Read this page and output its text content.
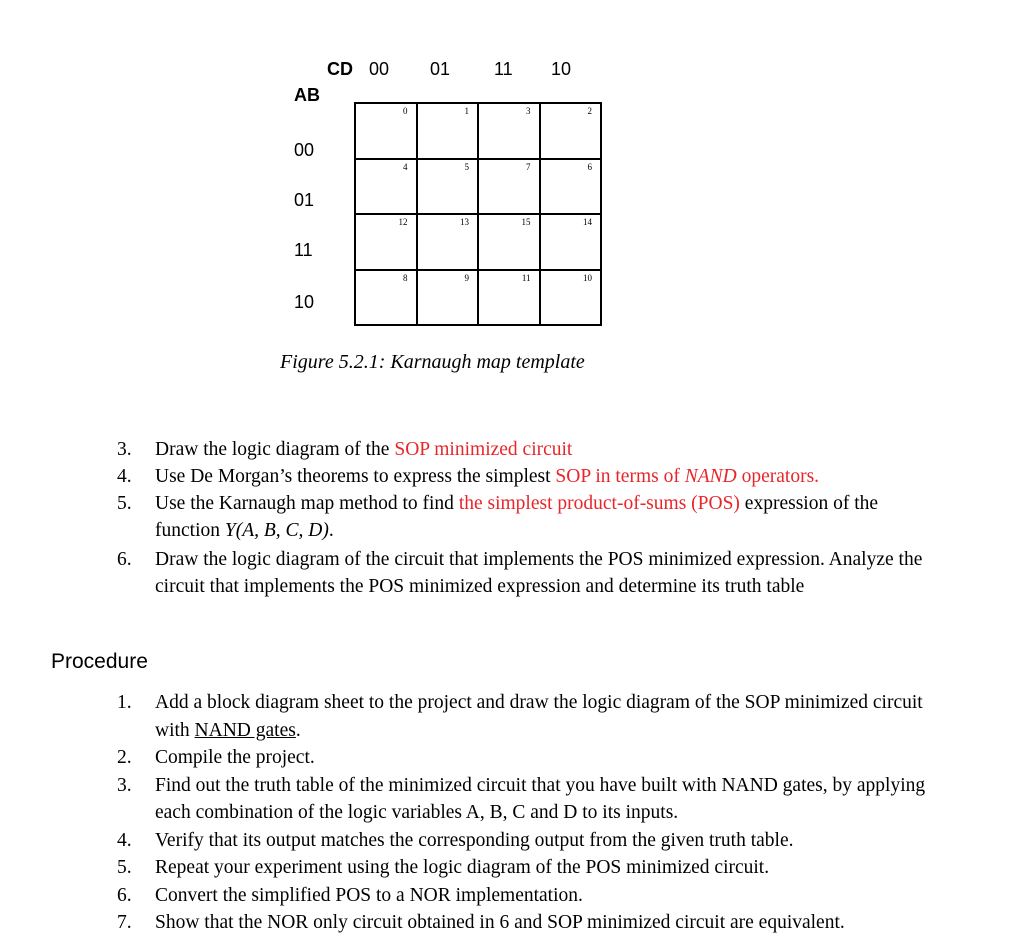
CD 00 01 11 10
AB
00
01
11
10
0	1	3	2
4	5	7	6
12	13	15	14
8	9	11	10
Figure 5.2.1: Karnaugh map template
3. Draw the logic diagram of the SOP minimized circuit
4. Use De Morgan’s theorems to express the simplest SOP in terms of NAND operators.
5. Use the Karnaugh map method to find the simplest product-of-sums (POS) expression of the function Y(A, B, C, D).
6. Draw the logic diagram of the circuit that implements the POS minimized expression. Analyze the circuit that implements the POS minimized expression and determine its truth table
Procedure
1. Add a block diagram sheet to the project and draw the logic diagram of the SOP minimized circuit with NAND gates.
2. Compile the project.
3. Find out the truth table of the minimized circuit that you have built with NAND gates, by applying each combination of the logic variables A, B, C and D to its inputs.
4. Verify that its output matches the corresponding output from the given truth table.
5. Repeat your experiment using the logic diagram of the POS minimized circuit.
6. Convert the simplified POS to a NOR implementation.
7. Show that the NOR only circuit obtained in 6 and SOP minimized circuit are equivalent.
